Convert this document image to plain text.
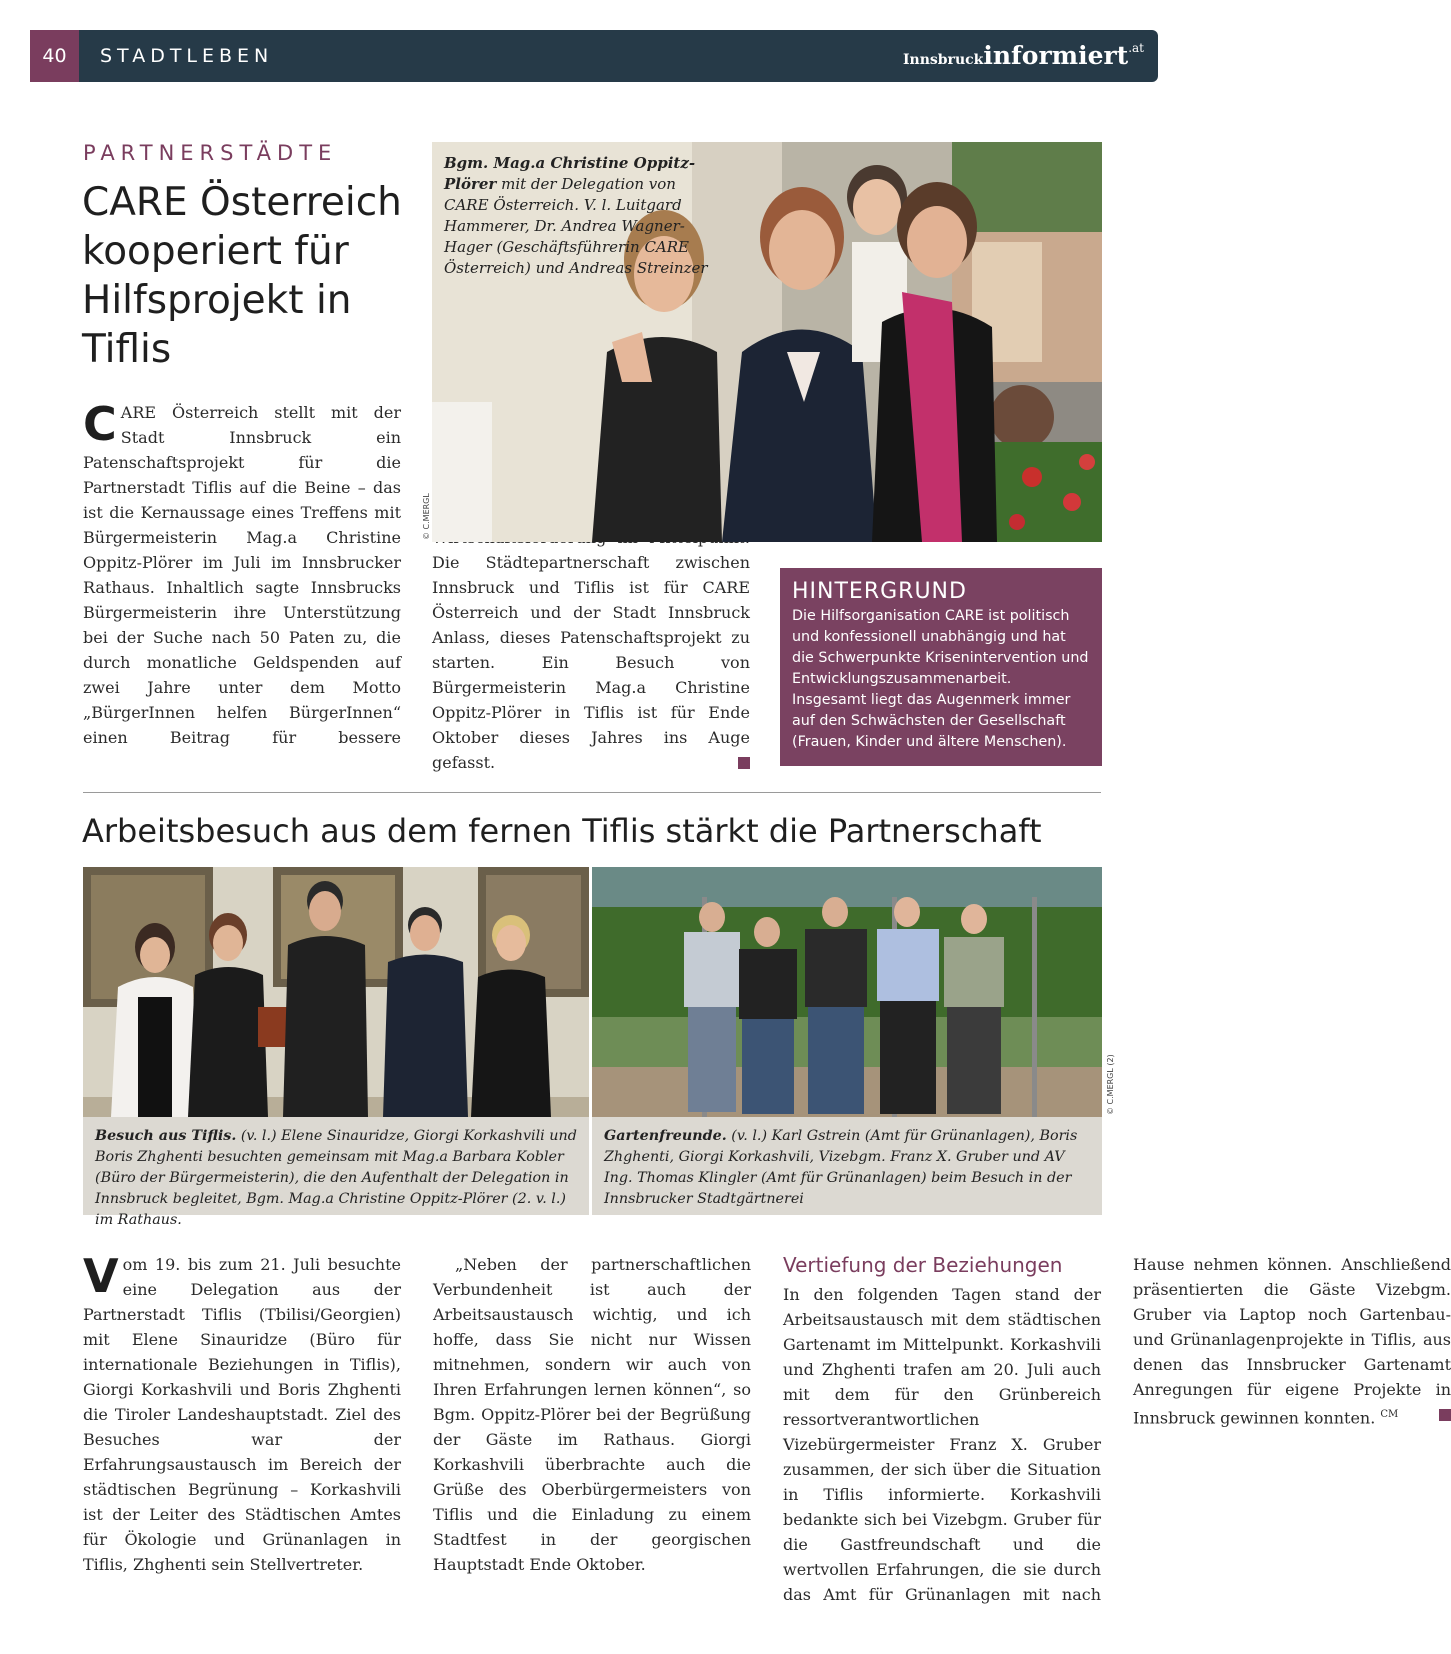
40	STADTLEBEN	Innsbruckinformiert$^{.at}$
PARTNERSTÄDTE
CARE Österreich kooperiert für Hilfsprojekt in Tiflis

CARE Österreich stellt mit der Stadt Innsbruck ein Patenschaftsprojekt für die Partnerstadt Tiflis auf die Beine – das ist die Kernaussage eines Treffens mit Bürgermeisterin Mag.a Christine Oppitz-Plörer im Juli im Innsbrucker Rathaus. Inhaltlich sagte Innsbrucks Bürgermeisterin ihre Unterstützung bei der Suche nach 50 Paten zu, die durch monatliche Geldspenden auf zwei Jahre unter dem Motto „BürgerInnen helfen BürgerInnen“ einen Beitrag für bessere

Die Städtepartnerschaft zwischen Innsbruck und Tiflis ist für CARE Österreich und der Stadt Innsbruck Anlass, dieses Patenschaftsprojekt zu starten. Ein Besuch von Bürgermeisterin Mag.a Christine Oppitz-Plörer in Tiflis ist für Ende Oktober dieses Jahres ins Auge gefasst.

Bgm. Mag.a Christine Oppitz-Plörer mit der Delegation von CARE Österreich. V. l. Luitgard Hammerer, Dr. Andrea Wagner-Hager (Geschäftsführerin CARE Österreich) und Andreas Streinzer
© C.MERGL
HINTERGRUND
Die Hilfsorganisation CARE ist politisch und konfessionell unabhängig und hat die Schwerpunkte Krisenintervention und Entwicklungszusammenarbeit. Insgesamt liegt das Augenmerk immer auf den Schwächsten der Gesellschaft (Frauen, Kinder und ältere Menschen).
Arbeitsbesuch aus dem fernen Tiflis stärkt die Partnerschaft
© C.MERGL (2)
Besuch aus Tiflis. (v. l.) Elene Sinauridze, Giorgi Korkashvili und Boris Zhghenti besuchten gemeinsam mit Mag.a Barbara Kobler (Büro der Bürgermeisterin), die den Aufenthalt der Delegation in Innsbruck begleitet, Bgm. Mag.a Christine Oppitz-Plörer (2. v. l.) im Rathaus.
Gartenfreunde. (v. l.) Karl Gstrein (Amt für Grünanlagen), Boris Zhghenti, Giorgi Korkashvili, Vizebgm. Franz X. Gruber und AV Ing. Thomas Klingler (Amt für Grünanlagen) beim Besuch in der Innsbrucker Stadtgärtnerei

Vom 19. bis zum 21. Juli besuchte eine Delegation aus der Partnerstadt Tiflis (Tbilisi/Georgien) mit Elene Sinauridze (Büro für internationale Beziehungen in Tiflis), Giorgi Korkashvili und Boris Zhghenti die Tiroler Landeshauptstadt. Ziel des Besuches war der Erfahrungsaustausch im Bereich der städtischen Begrünung – Korkashvili ist der Leiter des Städtischen Amtes für Ökologie und Grünanlagen in Tiflis, Zhghenti sein Stellvertreter.

„Neben der partnerschaftlichen Verbundenheit ist auch der Arbeitsaustausch wichtig, und ich hoffe, dass Sie nicht nur Wissen mitnehmen, sondern wir auch von Ihren Erfahrungen lernen können“, so Bgm. Oppitz-Plörer bei der Begrüßung der Gäste im Rathaus. Giorgi Korkashvili überbrachte auch die Grüße des Oberbürgermeisters von Tiflis und die Einladung zu einem Stadtfest in der georgischen Hauptstadt Ende Oktober.

Vertiefung der Beziehungen

In den folgenden Tagen stand der Arbeitsaustausch mit dem städtischen Gartenamt im Mittelpunkt. Korkashvili und Zhghenti trafen am 20. Juli auch mit dem für den Grünbereich ressortverantwortlichen Vizebürgermeister Franz X. Gruber zusammen, der sich über die Situation in Tiflis informierte. Korkashvili bedankte sich bei Vizebgm. Gruber für die Gastfreundschaft und die wertvollen Erfahrungen, die sie durch das Amt für Grünanlagen mit nach Hause nehmen können. Anschließend präsentierten die Gäste Vizebgm. Gruber via Laptop noch Gartenbau- und Grünanlagenprojekte in Tiflis, aus denen das Innsbrucker Gartenamt Anregungen für eigene Projekte in Innsbruck gewinnen konnten. $^{CM}$
